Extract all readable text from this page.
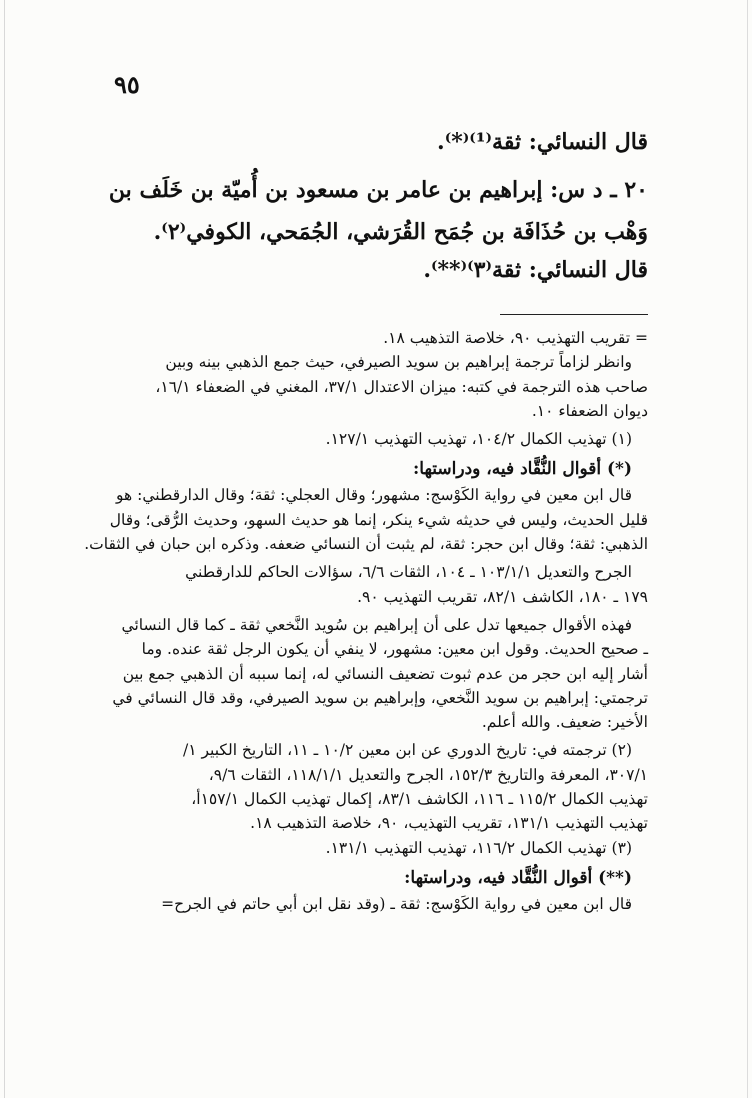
٩٥
قال النسائي: ثقة⁽¹⁾⁽*⁾.
٢٠ ـ د س: إبراهيم بن عامر بن مسعود بن أُميّة بن خَلَف بن
وَهْب بن حُذَافَة بن جُمَح القُرَشي، الجُمَحي، الكوفي⁽٢⁾.
قال النسائي: ثقة⁽٣⁾⁽**⁾.

= تقريب التهذيب ٩٠، خلاصة التذهيب ١٨.

وانظر لزاماً ترجمة إبراهيم بن سويد الصيرفي، حيث جمع الذهبي بينه وبين

صاحب هذه الترجمة في كتبه: ميزان الاعتدال ٣٧/١، المغني في الضعفاء ١٦/١،

ديوان الضعفاء ١٠.

(١) تهذيب الكمال ١٠٤/٢، تهذيب التهذيب ١٢٧/١.

(*) أقوال النُّقَّاد فيه، ودراستها:

قال ابن معين في رواية الكَوْسج: مشهور؛ وقال العجلي: ثقة؛ وقال الدارقطني: هو

قليل الحديث، وليس في حديثه شيء ينكر، إنما هو حديث السهو، وحديث الرُّقى؛ وقال

الذهبي: ثقة؛ وقال ابن حجر: ثقة، لم يثبت أن النسائي ضعفه. وذكره ابن حبان في الثقات.

الجرح والتعديل ١٠٣/١/١ ـ ١٠٤، الثقات ٦/٦، سؤالات الحاكم للدارقطني

١٧٩ ـ ١٨٠، الكاشف ٨٢/١، تقريب التهذيب ٩٠.

فهذه الأقوال جميعها تدل على أن إبراهيم بن سُويد النَّخعي ثقة ـ كما قال النسائي

ـ صحيح الحديث. وقول ابن معين: مشهور، لا ينفي أن يكون الرجل ثقة عنده. وما

أشار إليه ابن حجر من عدم ثبوت تضعيف النسائي له، إنما سببه أن الذهبي جمع بين

ترجمتي: إبراهيم بن سويد النَّخعي، وإبراهيم بن سويد الصيرفي، وقد قال النسائي في

الأخير: ضعيف. والله أعلم.

(٢) ترجمته في: تاريخ الدوري عن ابن معين ١٠/٢ ـ ١١، التاريخ الكبير ١/

٣٠٧/١، المعرفة والتاريخ ١٥٢/٣، الجرح والتعديل ١١٨/١/١، الثقات ٩/٦،

تهذيب الكمال ١١٥/٢ ـ ١١٦، الكاشف ٨٣/١، إكمال تهذيب الكمال ١٥٧/١أ،

تهذيب التهذيب ١٣١/١، تقريب التهذيب، ٩٠، خلاصة التذهيب ١٨.

(٣) تهذيب الكمال ١١٦/٢، تهذيب التهذيب ١٣١/١.

(**) أقوال النُّقَّاد فيه، ودراستها:

قال ابن معين في رواية الكَوْسج: ثقة ـ (وقد نقل ابن أبي حاتم في الجرح=
